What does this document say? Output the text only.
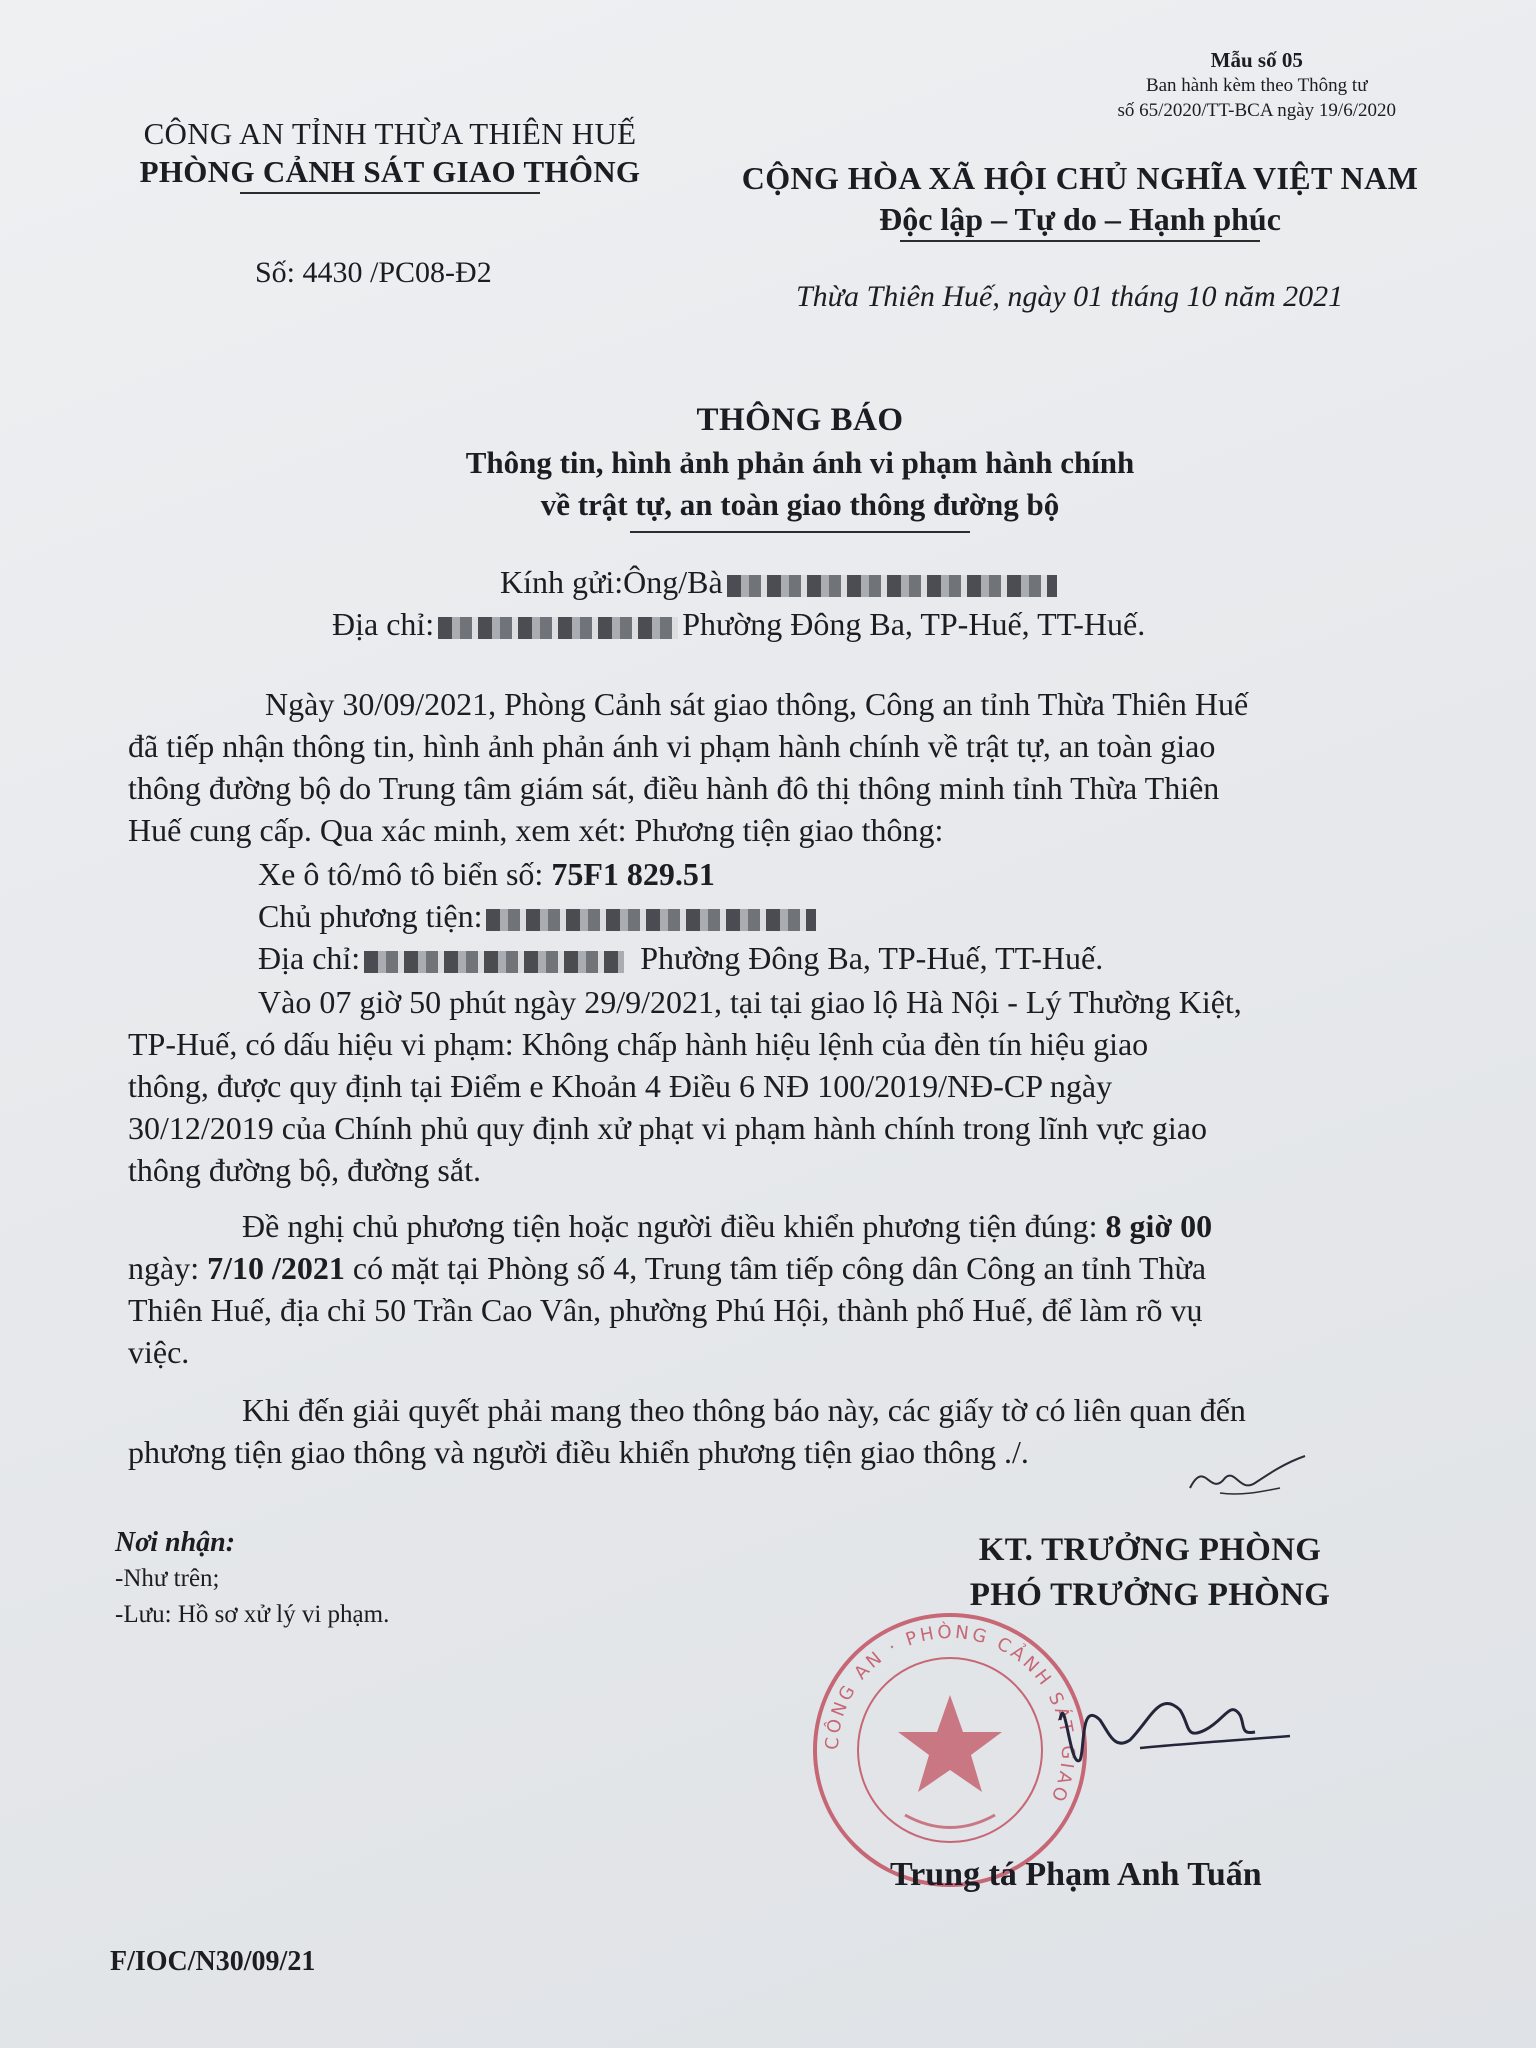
Mẫu số 05
Ban hành kèm theo Thông tư
số 65/2020/TT-BCA ngày 19/6/2020
CÔNG AN TỈNH THỪA THIÊN HUẾ
PHÒNG CẢNH SÁT GIAO THÔNG
Số: 4430 /PC08-Đ2
CỘNG HÒA XÃ HỘI CHỦ NGHĨA VIỆT NAM
Độc lập – Tự do – Hạnh phúc
Thừa Thiên Huế, ngày 01 tháng 10 năm 2021
THÔNG BÁO
Thông tin, hình ảnh phản ánh vi phạm hành chính
về trật tự, an toàn giao thông đường bộ
Kính gửi:Ông/Bà
Địa chỉ:	Phường Đông Ba, TP-Huế, TT-Huế.
Ngày 30/09/2021, Phòng Cảnh sát giao thông, Công an tỉnh Thừa Thiên Huế
đã tiếp nhận thông tin, hình ảnh phản ánh vi phạm hành chính về trật tự, an toàn giao
thông đường bộ do Trung tâm giám sát, điều hành đô thị thông minh tỉnh Thừa Thiên
Huế cung cấp. Qua xác minh, xem xét: Phương tiện giao thông:
Xe ô tô/mô tô biển số: 75F1 829.51
Chủ phương tiện:
Địa chỉ:	Phường Đông Ba, TP-Huế, TT-Huế.
Vào 07 giờ 50 phút ngày 29/9/2021, tại tại giao lộ Hà Nội - Lý Thường Kiệt,
TP-Huế, có dấu hiệu vi phạm: Không chấp hành hiệu lệnh của đèn tín hiệu giao
thông, được quy định tại Điểm e Khoản 4 Điều 6 NĐ 100/2019/NĐ-CP ngày
30/12/2019 của Chính phủ quy định xử phạt vi phạm hành chính trong lĩnh vực giao
thông đường bộ, đường sắt.
Đề nghị chủ phương tiện hoặc người điều khiển phương tiện đúng: 8 giờ 00
ngày: 7/10 /2021 có mặt tại Phòng số 4, Trung tâm tiếp công dân Công an tỉnh Thừa
Thiên Huế, địa chỉ 50 Trần Cao Vân, phường Phú Hội, thành phố Huế, để làm rõ vụ
việc.
Khi đến giải quyết phải mang theo thông báo này, các giấy tờ có liên quan đến
phương tiện giao thông và người điều khiển phương tiện giao thông ./.
Nơi nhận:
-Như trên;
-Lưu: Hồ sơ xử lý vi phạm.
KT. TRƯỞNG PHÒNG
PHÓ TRƯỞNG PHÒNG
CÔNG AN · PHÒNG CẢNH SÁT GIAO
Trung tá Phạm Anh Tuấn
F/IOC/N30/09/21
